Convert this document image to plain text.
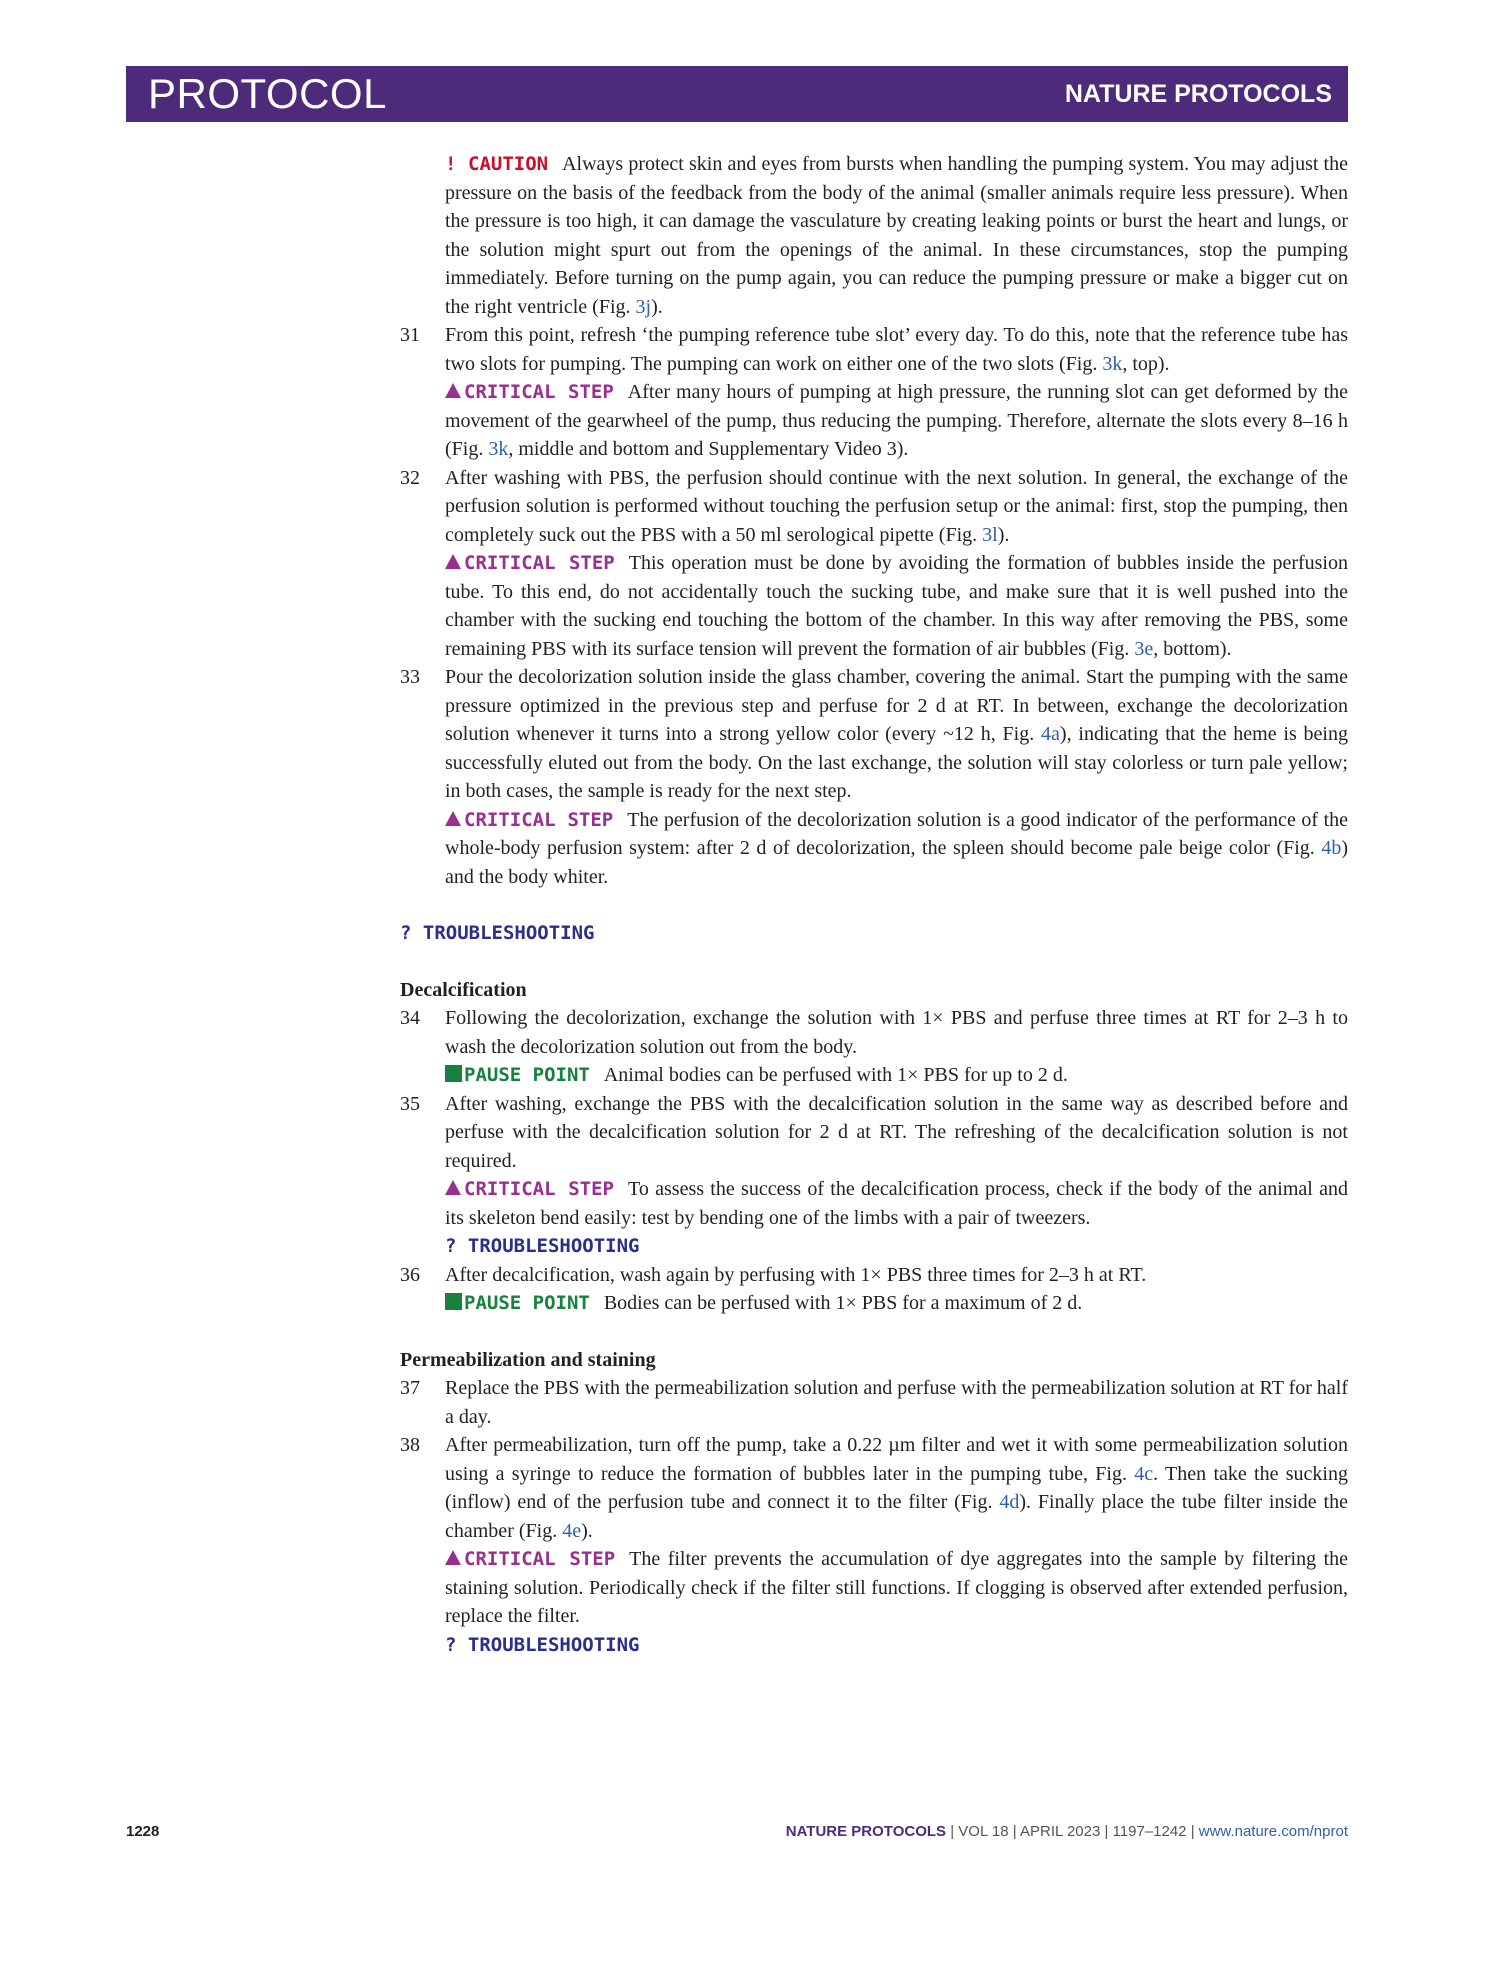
PROTOCOL	NATURE PROTOCOLS

! CAUTION Always protect skin and eyes from bursts when handling the pumping system. You may adjust the pressure on the basis of the feedback from the body of the animal (smaller animals require less pressure). When the pressure is too high, it can damage the vasculature by creating leaking points or burst the heart and lungs, or the solution might spurt out from the openings of the animal. In these circumstances, stop the pumping immediately. Before turning on the pump again, you can reduce the pumping pressure or make a bigger cut on the right ventricle (Fig. 3j).

31 From this point, refresh ‘the pumping reference tube slot’ every day. To do this, note that the reference tube has two slots for pumping. The pumping can work on either one of the two slots (Fig. 3k, top).

CRITICAL STEP After many hours of pumping at high pressure, the running slot can get deformed by the movement of the gearwheel of the pump, thus reducing the pumping. Therefore, alternate the slots every 8–16 h (Fig. 3k, middle and bottom and Supplementary Video 3).

32 After washing with PBS, the perfusion should continue with the next solution. In general, the exchange of the perfusion solution is performed without touching the perfusion setup or the animal: first, stop the pumping, then completely suck out the PBS with a 50 ml serological pipette (Fig. 3l).

CRITICAL STEP This operation must be done by avoiding the formation of bubbles inside the perfusion tube. To this end, do not accidentally touch the sucking tube, and make sure that it is well pushed into the chamber with the sucking end touching the bottom of the chamber. In this way after removing the PBS, some remaining PBS with its surface tension will prevent the formation of air bubbles (Fig. 3e, bottom).

33 Pour the decolorization solution inside the glass chamber, covering the animal. Start the pumping with the same pressure optimized in the previous step and perfuse for 2 d at RT. In between, exchange the decolorization solution whenever it turns into a strong yellow color (every ~12 h, Fig. 4a), indicating that the heme is being successfully eluted out from the body. On the last exchange, the solution will stay colorless or turn pale yellow; in both cases, the sample is ready for the next step.

CRITICAL STEP The perfusion of the decolorization solution is a good indicator of the performance of the whole-body perfusion system: after 2 d of decolorization, the spleen should become pale beige color (Fig. 4b) and the body whiter.

? TROUBLESHOOTING

Decalcification

34 Following the decolorization, exchange the solution with 1× PBS and perfuse three times at RT for 2–3 h to wash the decolorization solution out from the body.

PAUSE POINT Animal bodies can be perfused with 1× PBS for up to 2 d.

35 After washing, exchange the PBS with the decalcification solution in the same way as described before and perfuse with the decalcification solution for 2 d at RT. The refreshing of the decalcification solution is not required.

CRITICAL STEP To assess the success of the decalcification process, check if the body of the animal and its skeleton bend easily: test by bending one of the limbs with a pair of tweezers.

? TROUBLESHOOTING

36 After decalcification, wash again by perfusing with 1× PBS three times for 2–3 h at RT.

PAUSE POINT Bodies can be perfused with 1× PBS for a maximum of 2 d.

Permeabilization and staining

37 Replace the PBS with the permeabilization solution and perfuse with the permeabilization solution at RT for half a day.

38 After permeabilization, turn off the pump, take a 0.22 µm filter and wet it with some permeabilization solution using a syringe to reduce the formation of bubbles later in the pumping tube, Fig. 4c. Then take the sucking (inflow) end of the perfusion tube and connect it to the filter (Fig. 4d). Finally place the tube filter inside the chamber (Fig. 4e).

CRITICAL STEP The filter prevents the accumulation of dye aggregates into the sample by filtering the staining solution. Periodically check if the filter still functions. If clogging is observed after extended perfusion, replace the filter.

? TROUBLESHOOTING

1228	NATURE PROTOCOLS | VOL 18 | APRIL 2023 | 1197–1242 | www.nature.com/nprot
